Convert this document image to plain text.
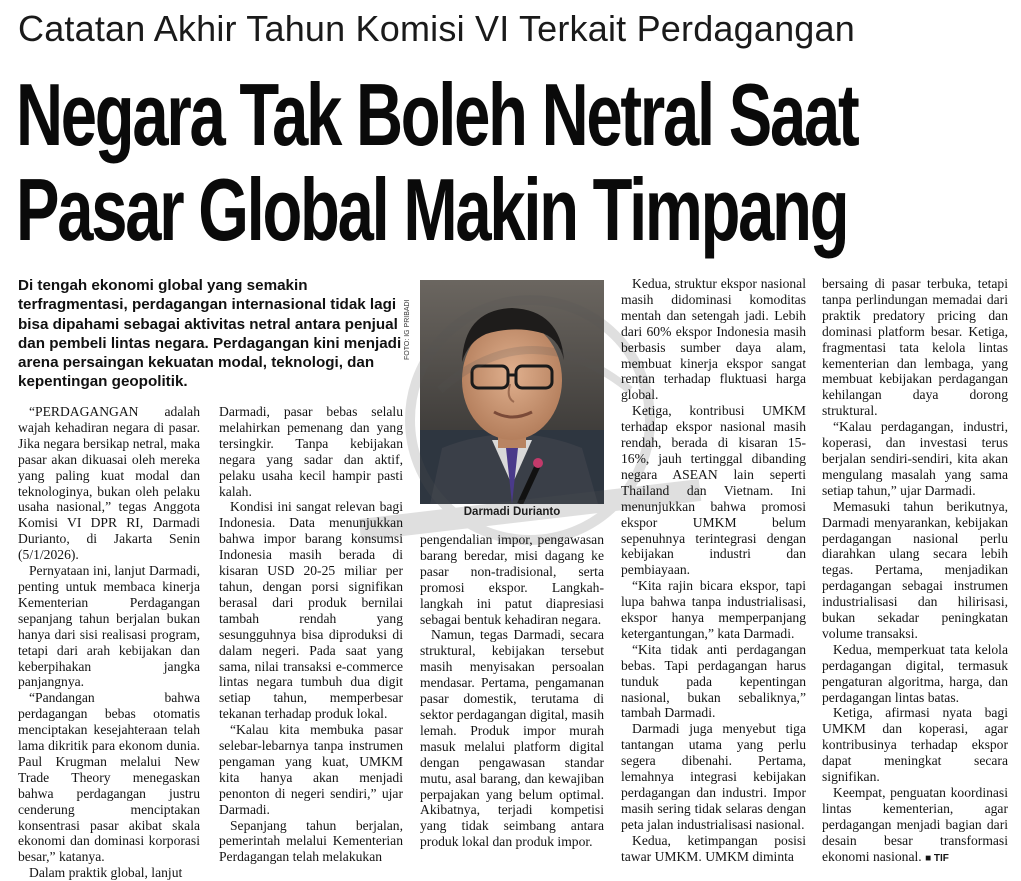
Catatan Akhir Tahun Komisi VI Terkait Perdagangan
Negara Tak Boleh Netral Saat
Pasar Global Makin Timpang
Di tengah ekonomi global yang semakin terfragmentasi, perdagangan internasional tidak lagi bisa dipahami sebagai aktivitas netral antara penjual dan pembeli lintas negara. Perdagangan kini menjadi arena persaingan kekuatan modal, teknologi, dan kepentingan geopolitik.
FOTO: IG PRIBADI
Darmadi Durianto

“PERDAGANGAN adalah wajah kehadiran negara di pasar. Jika negara bersikap netral, maka pasar akan dikuasai oleh mereka yang paling kuat modal dan teknologinya, bukan oleh pelaku usaha nasional,” tegas Anggota Komisi VI DPR RI, Darmadi Durianto, di Jakarta Senin (5/1/2026).

Pernyataan ini, lanjut Darmadi, penting untuk membaca kinerja Kementerian Perdagangan sepanjang tahun berjalan bukan hanya dari sisi realisasi program, tetapi dari arah kebijakan dan keberpihakan jangka panjangnya.

“Pandangan bahwa perdagangan bebas otomatis menciptakan kesejahteraan telah lama dikritik para ekonom dunia. Paul Krugman melalui New Trade Theory menegaskan bahwa perdagangan justru cenderung menciptakan konsentrasi pasar akibat skala ekonomi dan dominasi korporasi besar,” katanya.

Dalam praktik global, lanjut

Darmadi, pasar bebas selalu melahirkan pemenang dan yang tersingkir. Tanpa kebijakan negara yang sadar dan aktif, pelaku usaha kecil hampir pasti kalah.

Kondisi ini sangat relevan bagi Indonesia. Data menunjukkan bahwa impor barang konsumsi Indonesia masih berada di kisaran USD 20-25 miliar per tahun, dengan porsi signifikan berasal dari produk bernilai tambah rendah yang sesungguhnya bisa diproduksi di dalam negeri. Pada saat yang sama, nilai transaksi e-commerce lintas negara tumbuh dua digit setiap tahun, memperbesar tekanan terhadap produk lokal.

“Kalau kita membuka pasar selebar-lebarnya tanpa instrumen pengaman yang kuat, UMKM kita hanya akan menjadi penonton di negeri sendiri,” ujar Darmadi.

Sepanjang tahun berjalan, pemerintah melalui Kementerian Perdagangan telah melakukan

pengendalian impor, pengawasan barang beredar, misi dagang ke pasar non-tradisional, serta promosi ekspor. Langkah-langkah ini patut diapresiasi sebagai bentuk kehadiran negara.

Namun, tegas Darmadi, secara struktural, kebijakan tersebut masih menyisakan persoalan mendasar. Pertama, pengamanan pasar domestik, terutama di sektor perdagangan digital, masih lemah. Produk impor murah masuk melalui platform digital dengan pengawasan standar mutu, asal barang, dan kewajiban perpajakan yang belum optimal. Akibatnya, terjadi kompetisi yang tidak seimbang antara produk lokal dan produk impor.

Kedua, struktur ekspor nasional masih didominasi komoditas mentah dan setengah jadi. Lebih dari 60% ekspor Indonesia masih berbasis sumber daya alam, membuat kinerja ekspor sangat rentan terhadap fluktuasi harga global.

Ketiga, kontribusi UMKM terhadap ekspor nasional masih rendah, berada di kisaran 15-16%, jauh tertinggal dibanding negara ASEAN lain seperti Thailand dan Vietnam. Ini menunjukkan bahwa promosi ekspor UMKM belum sepenuhnya terintegrasi dengan kebijakan industri dan pembiayaan.

“Kita rajin bicara ekspor, tapi lupa bahwa tanpa industrialisasi, ekspor hanya memperpanjang ketergantungan,” kata Darmadi.

“Kita tidak anti perdagangan bebas. Tapi perdagangan harus tunduk pada kepentingan nasional, bukan sebaliknya,” tambah Darmadi.

Darmadi juga menyebut tiga tantangan utama yang perlu segera dibenahi. Pertama, lemahnya integrasi kebijakan perdagangan dan industri. Impor masih sering tidak selaras dengan peta jalan industrialisasi nasional.

Kedua, ketimpangan posisi tawar UMKM. UMKM diminta

bersaing di pasar terbuka, tetapi tanpa perlindungan memadai dari praktik predatory pricing dan dominasi platform besar. Ketiga, fragmentasi tata kelola lintas kementerian dan lembaga, yang membuat kebijakan perdagangan kehilangan daya dorong struktural.

“Kalau perdagangan, industri, koperasi, dan investasi terus berjalan sendiri-sendiri, kita akan mengulang masalah yang sama setiap tahun,” ujar Darmadi.

Memasuki tahun berikutnya, Darmadi menyarankan, kebijakan perdagangan nasional perlu diarahkan ulang secara lebih tegas. Pertama, menjadikan perdagangan sebagai instrumen industrialisasi dan hilirisasi, bukan sekadar peningkatan volume transaksi.

Kedua, memperkuat tata kelola perdagangan digital, termasuk pengaturan algoritma, harga, dan perdagangan lintas batas.

Ketiga, afirmasi nyata bagi UMKM dan koperasi, agar kontribusinya terhadap ekspor dapat meningkat secara signifikan.

Keempat, penguatan koordinasi lintas kementerian, agar perdagangan menjadi bagian dari desain besar transformasi ekonomi nasional. ■ TIF
